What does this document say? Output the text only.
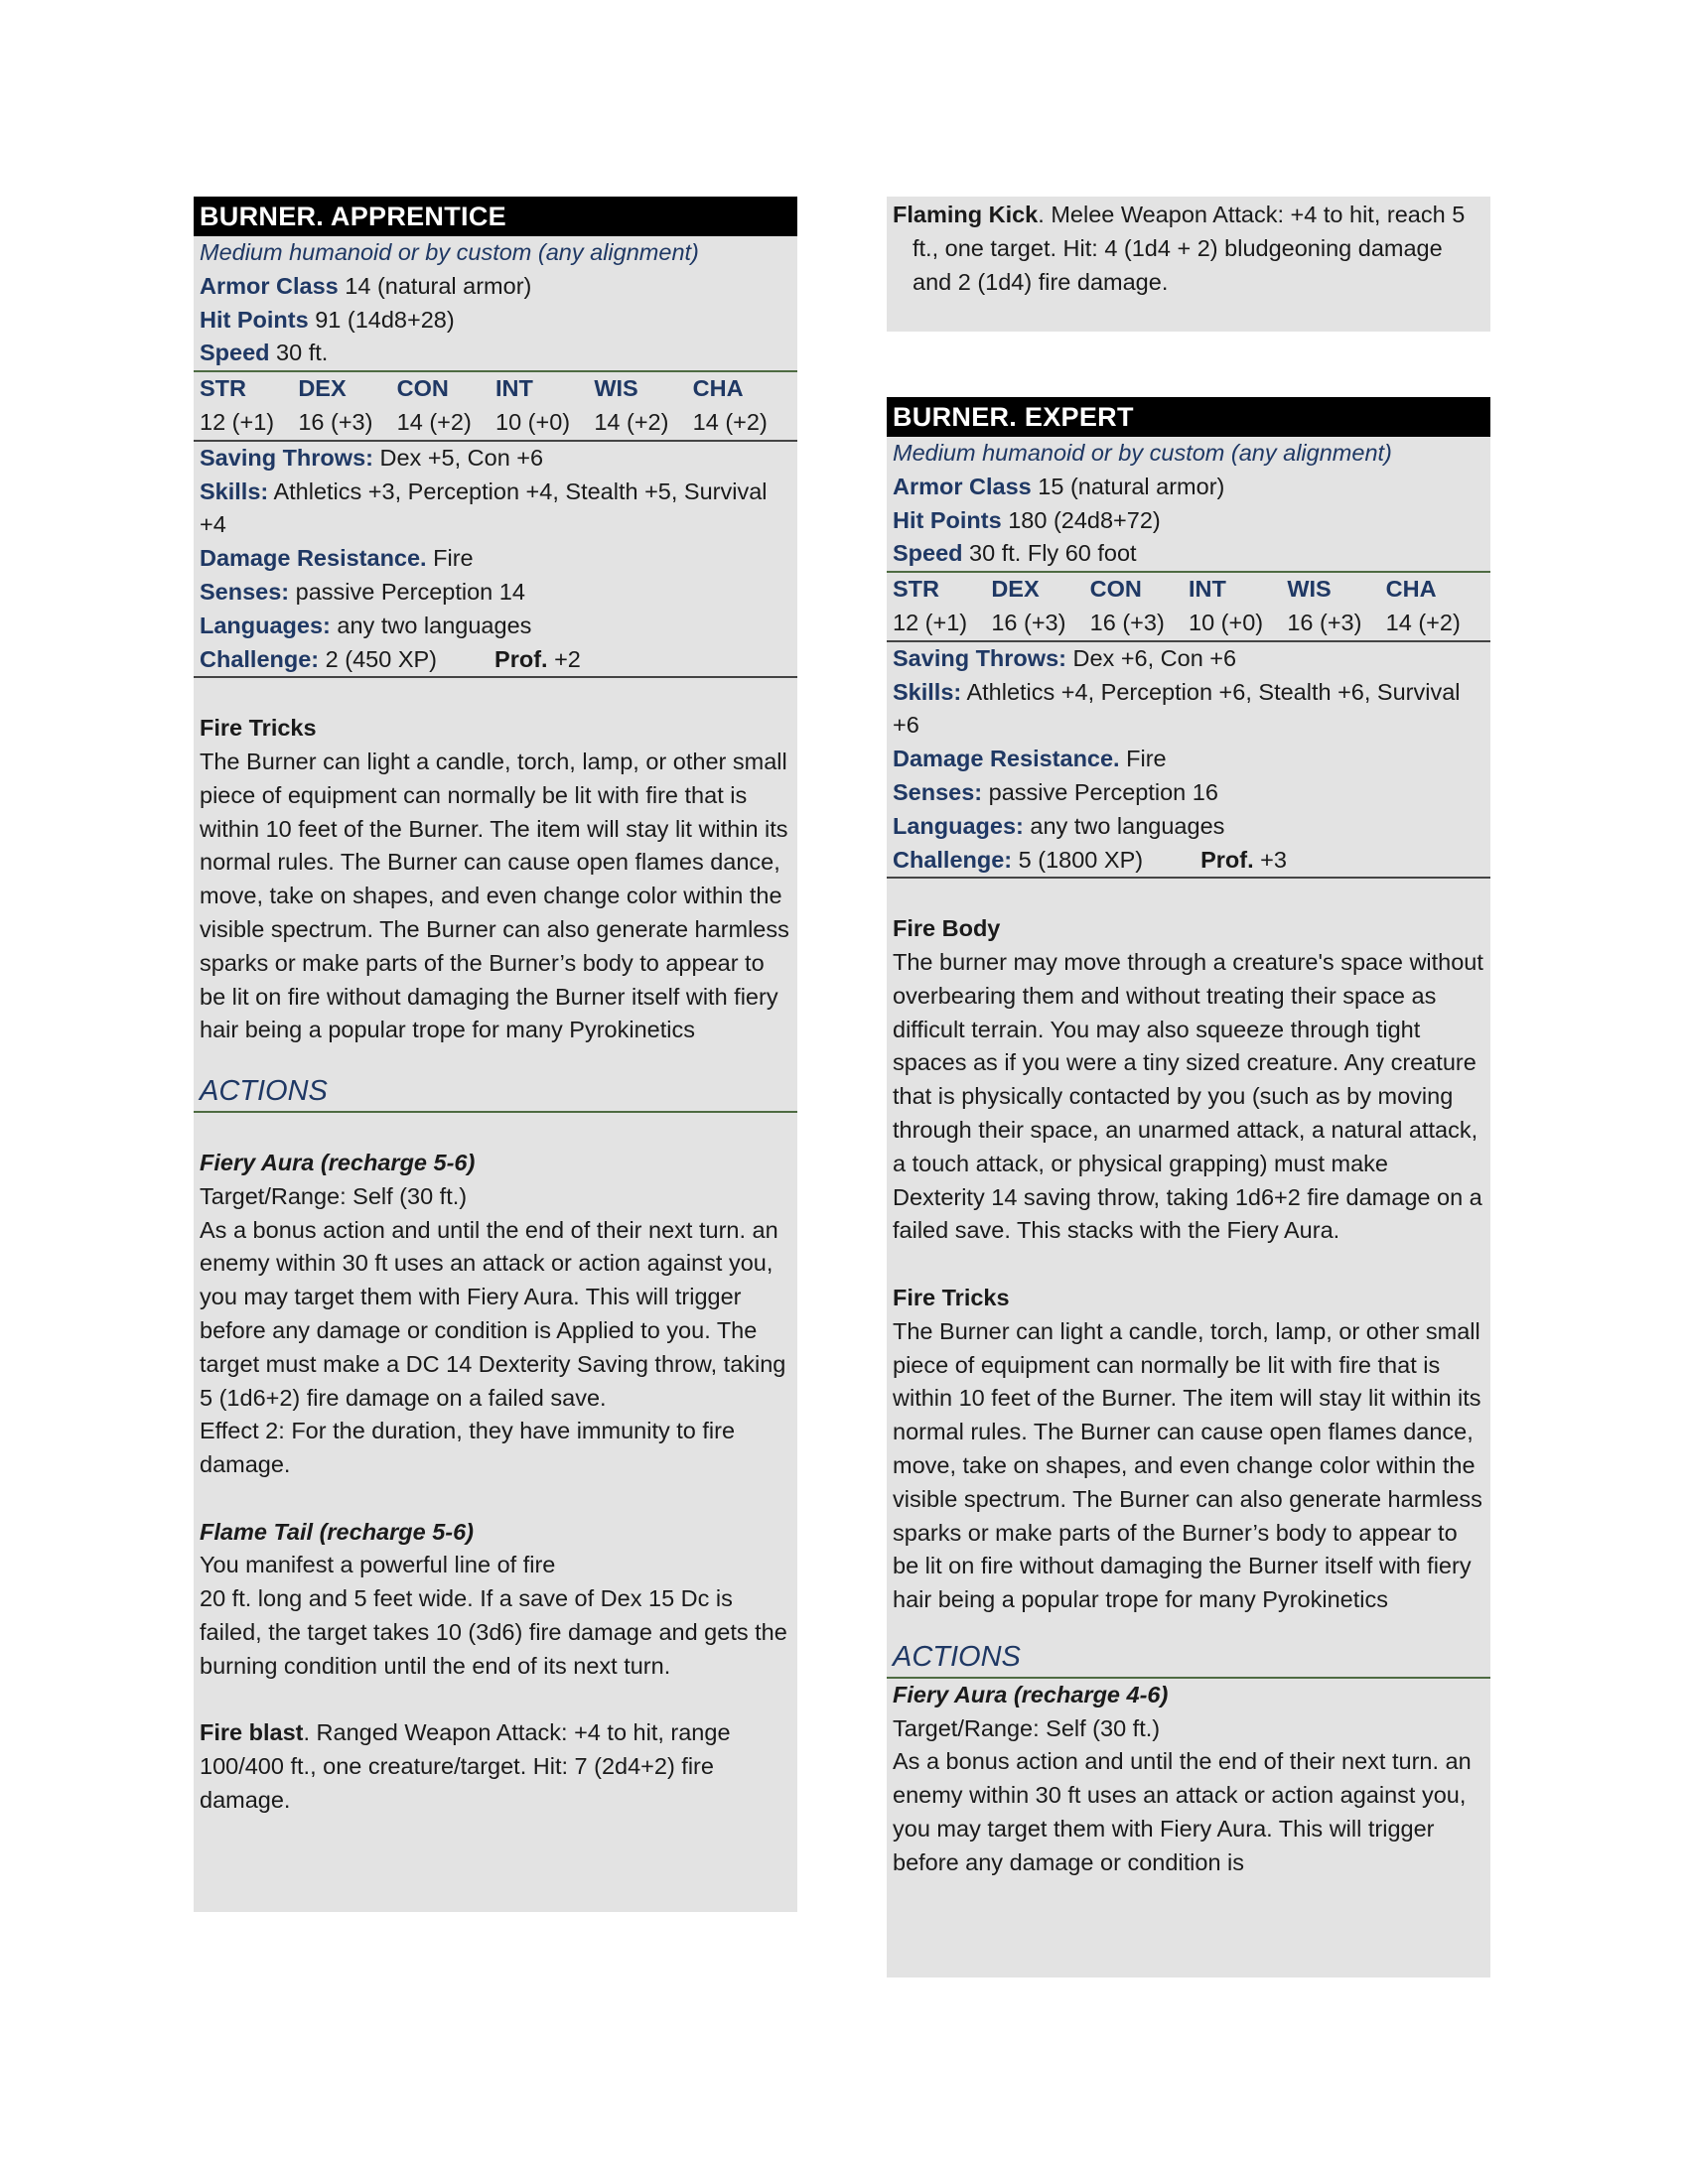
BURNER. APPRENTICE

Medium humanoid or by custom (any alignment)

Armor Class 14 (natural armor)

Hit Points 91 (14d8+28)

Speed 30 ft.

STR	DEX	CON	INT	WIS	CHA
12 (+1)	16 (+3)	14 (+2)	10 (+0)	14 (+2)	14 (+2)

Saving Throws: Dex +5, Con +6

Skills: Athletics +3, Perception +4, Stealth +5, Survival +4

Damage Resistance. Fire

Senses: passive Perception 14

Languages: any two languages

Challenge: 2 (450 XP) Prof. +2

Fire Tricks

The Burner can light a candle, torch, lamp, or other small piece of equipment can normally be lit with fire that is within 10 feet of the Burner. The item will stay lit within its normal rules. The Burner can cause open flames dance, move, take on shapes, and even change color within the visible spectrum. The Burner can also generate harmless sparks or make parts of the Burner’s body to appear to be lit on fire without damaging the Burner itself with fiery hair being a popular trope for many Pyrokinetics

ACTIONS

Fiery Aura (recharge 5-6)

Target/Range: Self (30 ft.)

As a bonus action and until the end of their next turn. an enemy within 30 ft uses an attack or action against you, you may target them with Fiery Aura. This will trigger before any damage or condition is Applied to you. The target must make a DC 14 Dexterity Saving throw, taking 5 (1d6+2) fire damage on a failed save.

Effect 2: For the duration, they have immunity to fire damage.

Flame Tail (recharge 5-6)

You manifest a powerful line of fire

20 ft. long and 5 feet wide. If a save of Dex 15 Dc is failed, the target takes 10 (3d6) fire damage and gets the burning condition until the end of its next turn.

Fire blast. Ranged Weapon Attack: +4 to hit, range 100/400 ft., one creature/target. Hit: 7 (2d4+2) fire damage.

Flaming Kick. Melee Weapon Attack: +4 to hit, reach 5 ft., one target. Hit: 4 (1d4 + 2) bludgeoning damage and 2 (1d4) fire damage.

BURNER. EXPERT

Medium humanoid or by custom (any alignment)

Armor Class 15 (natural armor)

Hit Points 180 (24d8+72)

Speed 30 ft. Fly 60 foot

STR	DEX	CON	INT	WIS	CHA
12 (+1)	16 (+3)	16 (+3)	10 (+0)	16 (+3)	14 (+2)

Saving Throws: Dex +6, Con +6

Skills: Athletics +4, Perception +6, Stealth +6, Survival +6

Damage Resistance. Fire

Senses: passive Perception 16

Languages: any two languages

Challenge: 5 (1800 XP) Prof. +3

Fire Body

The burner may move through a creature's space without overbearing them and without treating their space as difficult terrain. You may also squeeze through tight spaces as if you were a tiny sized creature. Any creature that is physically contacted by you (such as by moving through their space, an unarmed attack, a natural attack, a touch attack, or physical grapping) must make Dexterity 14 saving throw, taking 1d6+2 fire damage on a failed save. This stacks with the Fiery Aura.

Fire Tricks

The Burner can light a candle, torch, lamp, or other small piece of equipment can normally be lit with fire that is within 10 feet of the Burner. The item will stay lit within its normal rules. The Burner can cause open flames dance, move, take on shapes, and even change color within the visible spectrum. The Burner can also generate harmless sparks or make parts of the Burner’s body to appear to be lit on fire without damaging the Burner itself with fiery hair being a popular trope for many Pyrokinetics

ACTIONS

Fiery Aura (recharge 4-6)

Target/Range: Self (30 ft.)

As a bonus action and until the end of their next turn. an enemy within 30 ft uses an attack or action against you, you may target them with Fiery Aura. This will trigger before any damage or condition is
